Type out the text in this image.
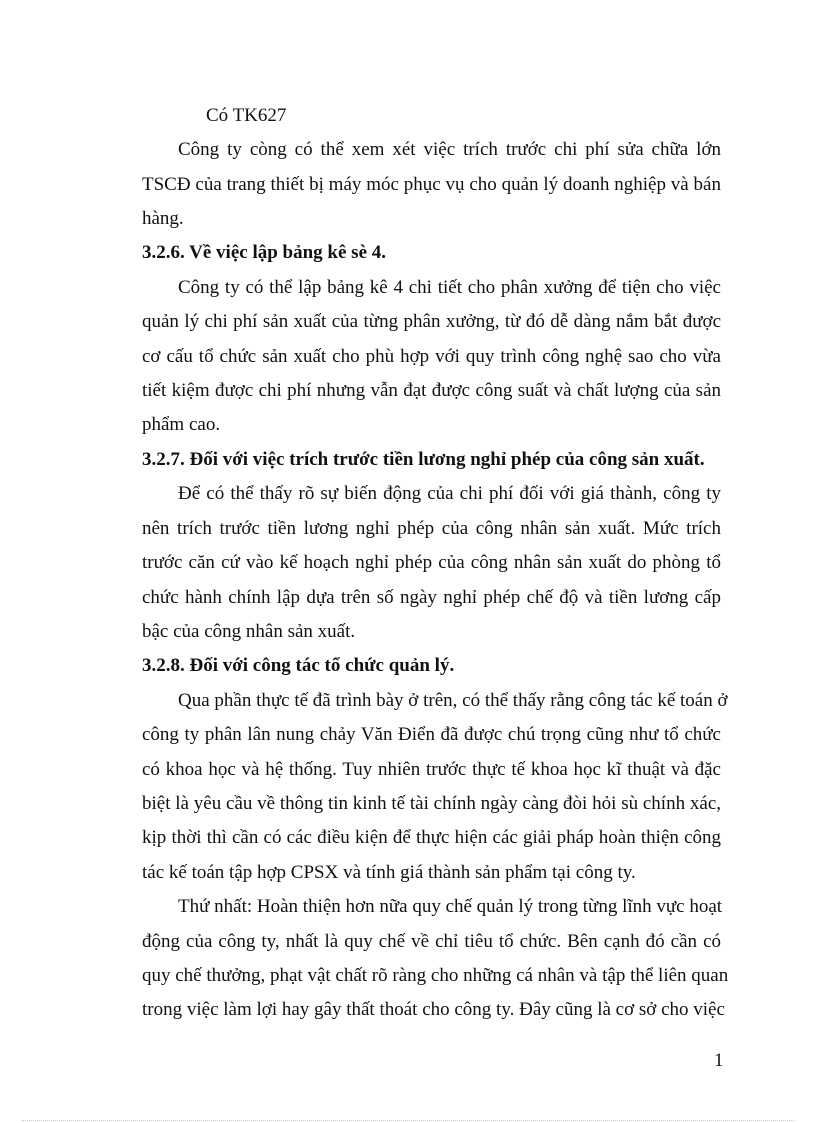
Có TK627
Công ty còng có thể xem xét việc trích trước chi phí sửa chữa lớn
TSCĐ của trang thiết bị máy móc phục vụ cho quản lý doanh nghiệp và bán
hàng.
3.2.6. Về việc lập bảng kê sè 4.
Công ty có thể lập bảng kê 4 chi tiết cho phân xưởng để tiện cho việc
quản lý chi phí sản xuất của từng phân xưởng, từ đó dễ dàng nắm bắt được
cơ cấu tổ chức sản xuất cho phù hợp với quy trình công nghệ sao cho vừa
tiết kiệm được chi phí nhưng vẫn đạt được công suất và chất lượng của sản
phẩm cao.
3.2.7. Đối với việc trích trước tiền lương nghỉ phép của công sản xuất.
Để có thể thấy rõ sự biến động của chi phí đối với giá thành, công ty
nên trích trước tiền lương nghỉ phép của công nhân sản xuất. Mức trích
trước căn cứ vào kế hoạch nghỉ phép của công nhân sản xuất do phòng tổ
chức hành chính lập dựa trên số ngày nghỉ phép chế độ và tiền lương cấp
bậc của công nhân sản xuất.
3.2.8. Đối với công tác tổ chức quản lý.
Qua phần thực tế đã trình bày ở trên, có thể thấy rằng công tác kế toán ở
công ty phân lân nung chảy Văn Điển đã được chú trọng cũng như tổ chức
có khoa học và hệ thống. Tuy nhiên trước thực tế khoa học kĩ thuật và đặc
biệt là yêu cầu về thông tin kinh tế tài chính ngày càng đòi hỏi sù chính xác,
kịp thời thì cần có các điều kiện để thực hiện các giải pháp hoàn thiện công
tác kế toán tập hợp CPSX và tính giá thành sản phẩm tại công ty.
Thứ nhất: Hoàn thiện hơn nữa quy chế quản lý trong từng lĩnh vực hoạt
động của công ty, nhất là quy chế về chỉ tiêu tổ chức. Bên cạnh đó cần có
quy chế thưởng, phạt vật chất rõ ràng cho những cá nhân và tập thể liên quan
trong việc làm lợi hay gây thất thoát cho công ty. Đây cũng là cơ sở cho việc
1
